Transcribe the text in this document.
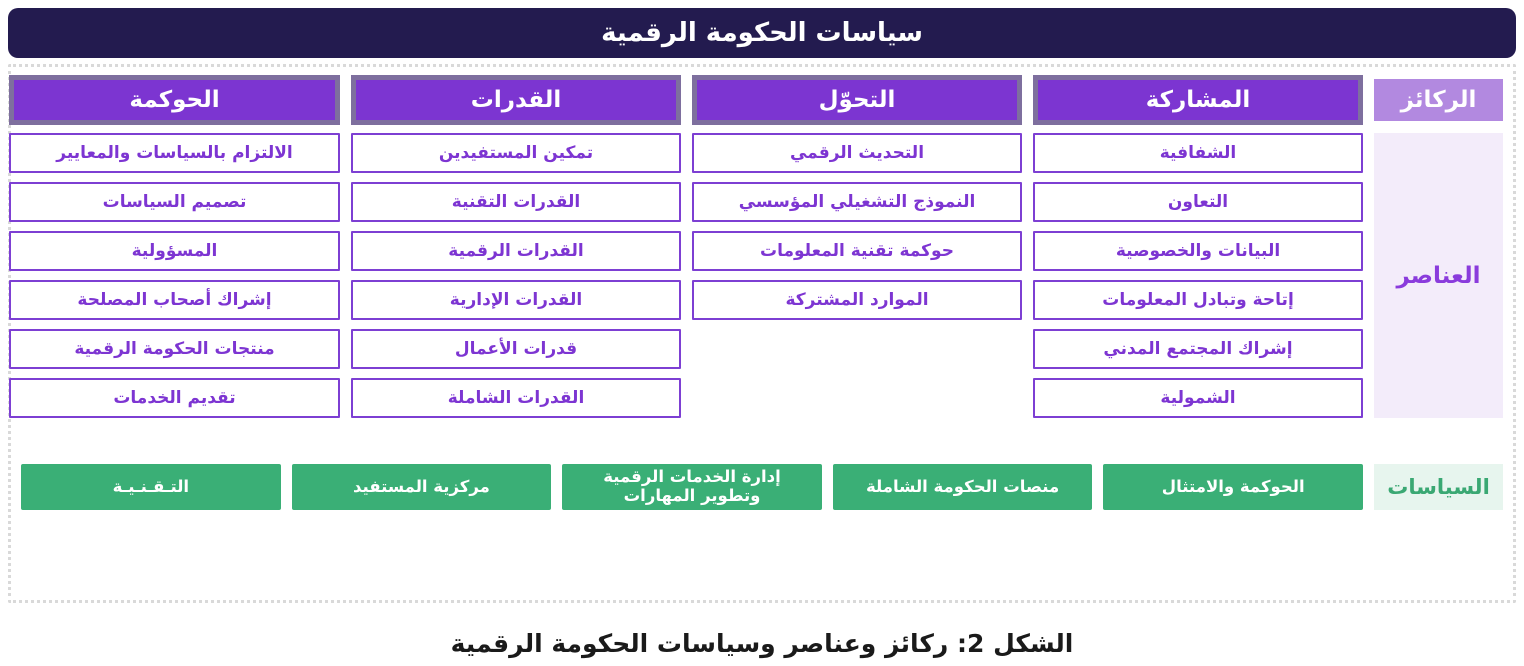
سياسات الحكومة الرقمية
الركائز
المشاركة
التحوّل
القدرات
الحوكمة
العناصر
الشفافية
التعاون
البيانات والخصوصية
إتاحة وتبادل المعلومات
إشراك المجتمع المدني
الشمولية
التحديث الرقمي
النموذج التشغيلي المؤسسي
حوكمة تقنية المعلومات
الموارد المشتركة
تمكين المستفيدين
القدرات التقنية
القدرات الرقمية
القدرات الإدارية
قدرات الأعمال
القدرات الشاملة
الالتزام بالسياسات والمعايير
تصميم السياسات
المسؤولية
إشراك أصحاب المصلحة
منتجات الحكومة الرقمية
تقديم الخدمات
السياسات
الحوكمة والامتثال
منصات الحكومة الشاملة
إدارة الخدمات الرقمية وتطوير المهارات
مركزية المستفيد
التـقـنـيـة
الشكل 2: ركائز وعناصر وسياسات الحكومة الرقمية
